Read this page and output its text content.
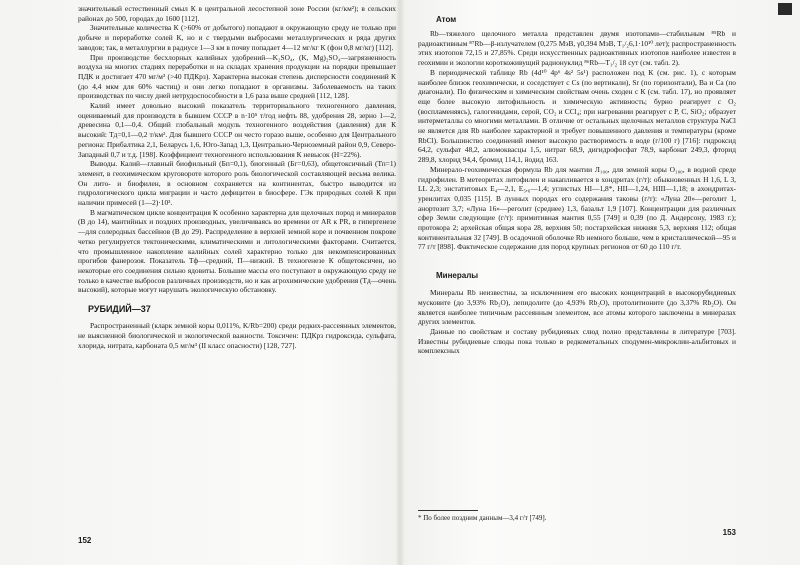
значительный естественный смыл К в центральной лесостепной зоне России (кг/км²); в сельских районах до 500, городах до 1600 [112].

Значительные количества К (>60% от добытого) попадают в окружающую среду не только при добыче и переработке солей К, но и с твердыми выбросами металлургических и ряда других заводов; так, в металлургии в радиусе 1—3 км в почву попадает 4—12 мг/кг К (фон 0,8 мг/кг) [112].

При производстве бесхлорных калийных удобрений—K₂SO₄, (K, Mg)₂SO₄—загрязненность воздуха на многих стадиях переработки и на складах хранения продукции на порядки превышает ПДК и достигает 470 мг/м³ (>40 ПДКрз). Характерна высокая степень дисперсности соединений К (до 4,4 мкм для 60% частиц) и они легко попадают в организмы. Заболеваемость на таких производствах по числу дней нетрудоспособности в 1,6 раза выше средней [112, 128].

Калий имеет довольно высокий показатель территориального техногенного давления, оцениваемый для производств в бывшем СССР в n·10⁵ т/год нефть 88, удобрения 28, зерно 1—2, древесина 0,1—0,4. Общий глобальный модуль техногенного воздействия (давления) для К высокий: Тд=0,1—0,2 т/км². Для бывшего СССР он често горазо выше, особенно для Центрального региона: Прибалтика 2,1, Беларусь 1,6, Юго-Запад 1,3, Центрально-Черноземный район 0,9, Северо-Западный 0,7 и т.д. [198]. Коэффициент техногенного использования К невысок (H=22%).

Выводы. Калий—главный биофильный (Бп=0,1), биогенный (Бг=0,63), общетоксичный (Тп=1) элемент, в геохимическом круговороте которого роль биологической составляющей весьма велика. Он лито- и биофилен, в основном сохраняется на континентах, быстро выводится из гидрологического цикла миграции и часто дефицитен в биосфере. ГЭк природных солей К при наличии примесей (1—2)·10³.

В магматическом цикле концентрация К особенно характерна для щелочных пород и минералов (В до 14), мантийных и поздних производных, увеличиваясь во времени от AR к PR, в гипергенезе—для солеродных бассейнов (В до 29). Распределение в верхней земной коре и почвенном покрове четко регулируется тектоническими, климатическими и литологическими факторами. Считается, что промышленное накопление калийных солей характерно только для некомпенсированных прогибов фанерозоя. Показатель Тф—средний, П—низкий. В техногенезе К общетоксичен, но некоторые его соединения сильно ядовиты. Большие массы его поступают в окружающую среду не только в качестве выбросов различных производств, но и как агрохимические удобрения (Тд—очень высокий), которые могут нарушать экологическую обстановку.

РУБИДИЙ—37

Распространенный (кларк земной коры 0,011%, K/Rb=200) среди редких-рассеянных элементов, не выясненной биологической и экологической важности. Токсичен: ПДКрз гидроксида, сульфата, хлорида, нитрата, карбоната 0,5 мг/м³ (II класс опасности) [128, 727].

152
Атом

Rb—тяжелого щелочного металла представлен двумя изотопами—стабильным ⁸⁵Rb и радиоактивным ⁸⁷Rb—β-излучателем (0,275 МэВ, γ0,394 МэВ, T₁/₂6,1·10¹⁰ лет); распространенность этих изотопов 72,15 и 27,85%. Среди искусственных радиоактивных изотопов наиболее известен в геохимии и экологии короткоживущий радионуклид ⁸⁶Rb—T₁/₂ 18 сут (см. табл. 2).

В периодической таблице Rb (4d¹⁰ 4p⁶ 4s² 5s¹) расположен под К (см. рис. 1), с которым наиболее близок геохимически, и соседствует с Cs (по вертикали), Sr (по горизонтали), Ва и Са (по диагонали). По физическим и химическим свойствам очень сходен с К (см. табл. 17), но проявляет еще более высокую литофильность и химическую активность; бурно реагирует с O₂ (воспламеняясь), галогенидами, серой, CO₂ и CCl₄; при нагревании реагирует с Р, С, SiO₂; образует интерметаллы со многими металлами. В отличие от остальных щелочных металлов структура NaCl не является для Rb наиболее характерной и требует повышенного давления и температуры (кроме RbCl). Большинство соединений имеют высокую растворимость в воде (г/100 г) [716]: гидроксид 64,2, сульфат 48,2, алюмоквасцы 1,5, нитрат 68,9, дигидрофосфат 78,9, карбонат 249,3, фторид 289,8, хлорид 94,4, бромид 114,1, йодид 163.

Минерало-геохимическая формула Rb для мантии Л₁₀₀, для земной коры О₁₀₀, в водной среде гидрофилен. В метеоритах литофилен и накапливается в хондритах (г/т): обыкновенных Н 1,6, L 3, LL 2,3; энстатитовых Е₄—2,1, Е₅,₆—1,4; углистых НI—1,8*, НII—1,24, НIII—1,18; в ахондритах-уреилитах 0,035 [115]. В лунных породах его содержания таковы (г/т): «Луна 20»—реголит 1, анортозит 3,7; «Луна 16»—реголит (среднее) 1,3, базальт 1,9 [107]. Концентрации для различных сфер Земли следующие (г/т): примитивная мантия 0,55 [749] и 0,39 (по Д. Андерсону, 1983 г.); протокора 2; архейская общая кора 28, верхняя 50; постархейская нижняя 5,3, верхняя 112; общая континентальная 32 [749]. В осадочной оболочке Rb немного больше, чем в кристаллической—95 и 77 г/т [898]. Фактическое содержание для пород крупных регионов от 60 до 110 г/т.

Минералы

Минералы Rb неизвестны, за исключением его высоких концентраций в высокорубидиевых мусковите (до 3,93% Rb₂O), лепидолите (до 4,93% Rb₂O), протолитионите (до 3,37% Rb₂O). Он является наиболее типичным рассеянным элементом, все атомы которого заключены в минералах других элементов.

Данные по свойствам и составу рубидиевых слюд полно представлены в литературе [703]. Известны рубидиевые слюды пока только в редкометальных сподумен-микроклин-альбитовых и комплексных

* По более поздним данным—3,4 г/т [749].
153
